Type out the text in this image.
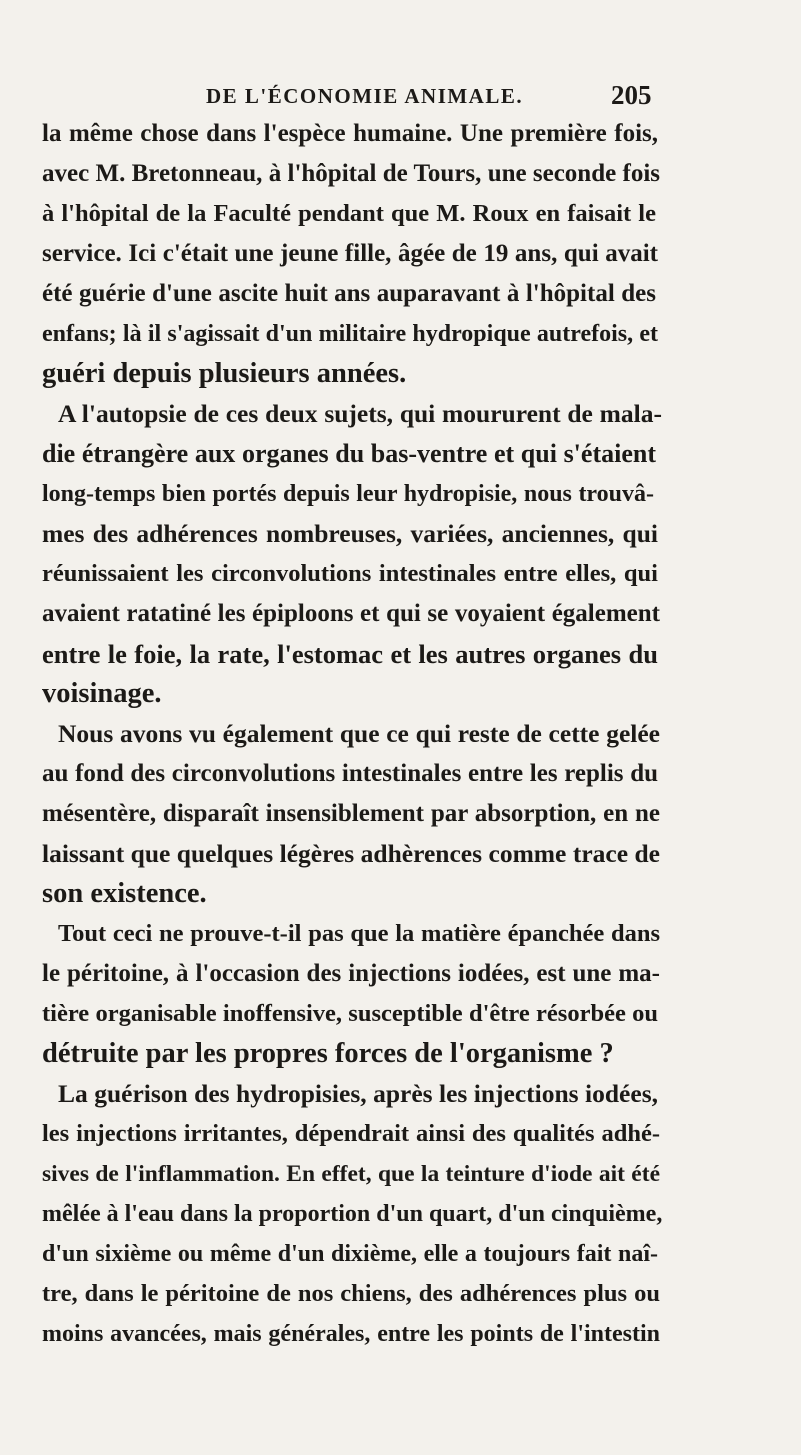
DE L'ÉCONOMIE ANIMALE.	205
la même chose dans l'espèce humaine. Une première fois,
avec M. Bretonneau, à l'hôpital de Tours, une seconde fois
à l'hôpital de la Faculté pendant que M. Roux en faisait le
service. Ici c'était une jeune fille, âgée de 19 ans, qui avait
été guérie d'une ascite huit ans auparavant à l'hôpital des
enfans; là il s'agissait d'un militaire hydropique autrefois, et
guéri depuis plusieurs années.
A l'autopsie de ces deux sujets, qui moururent de mala-
die étrangère aux organes du bas-ventre et qui s'étaient
long-temps bien portés depuis leur hydropisie, nous trouvâ-
mes des adhérences nombreuses, variées, anciennes, qui
réunissaient les circonvolutions intestinales entre elles, qui
avaient ratatiné les épiploons et qui se voyaient également
entre le foie, la rate, l'estomac et les autres organes du
voisinage.
Nous avons vu également que ce qui reste de cette gelée
au fond des circonvolutions intestinales entre les replis du
mésentère, disparaît insensiblement par absorption, en ne
laissant que quelques légères adhèrences comme trace de
son existence.
Tout ceci ne prouve-t-il pas que la matière épanchée dans
le péritoine, à l'occasion des injections iodées, est une ma-
tière organisable inoffensive, susceptible d'être résorbée ou
détruite par les propres forces de l'organisme ?
La guérison des hydropisies, après les injections iodées,
les injections irritantes, dépendrait ainsi des qualités adhé-
sives de l'inflammation. En effet, que la teinture d'iode ait été
mêlée à l'eau dans la proportion d'un quart, d'un cinquième,
d'un sixième ou même d'un dixième, elle a toujours fait naî-
tre, dans le péritoine de nos chiens, des adhérences plus ou
moins avancées, mais générales, entre les points de l'intestin
